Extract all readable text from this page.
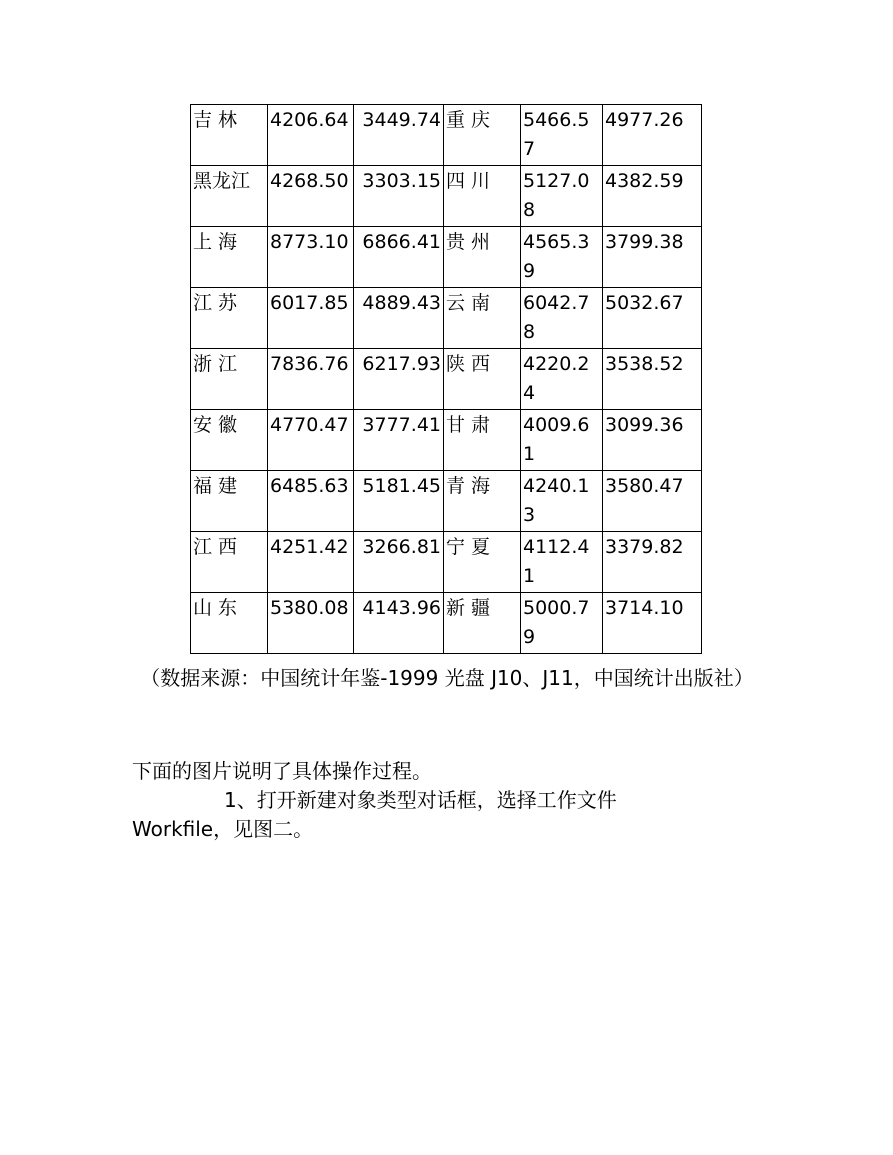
吉 林	4206.64	3449.74	重 庆	5466.57	4977.26
黑龙江	4268.50	3303.15	四 川	5127.08	4382.59
上 海	8773.10	6866.41	贵 州	4565.39	3799.38
江 苏	6017.85	4889.43	云 南	6042.78	5032.67
浙 江	7836.76	6217.93	陕 西	4220.24	3538.52
安 徽	4770.47	3777.41	甘 肃	4009.61	3099.36
福 建	6485.63	5181.45	青 海	4240.13	3580.47
江 西	4251.42	3266.81	宁 夏	4112.41	3379.82
山 东	5380.08	4143.96	新 疆	5000.79	3714.10
（数据来源：中国统计年鉴-1999 光盘 J10、J11，中国统计出版社）
下面的图片说明了具体操作过程。
1、打开新建对象类型对话框，选择工作文件 Workfile，见图二。
